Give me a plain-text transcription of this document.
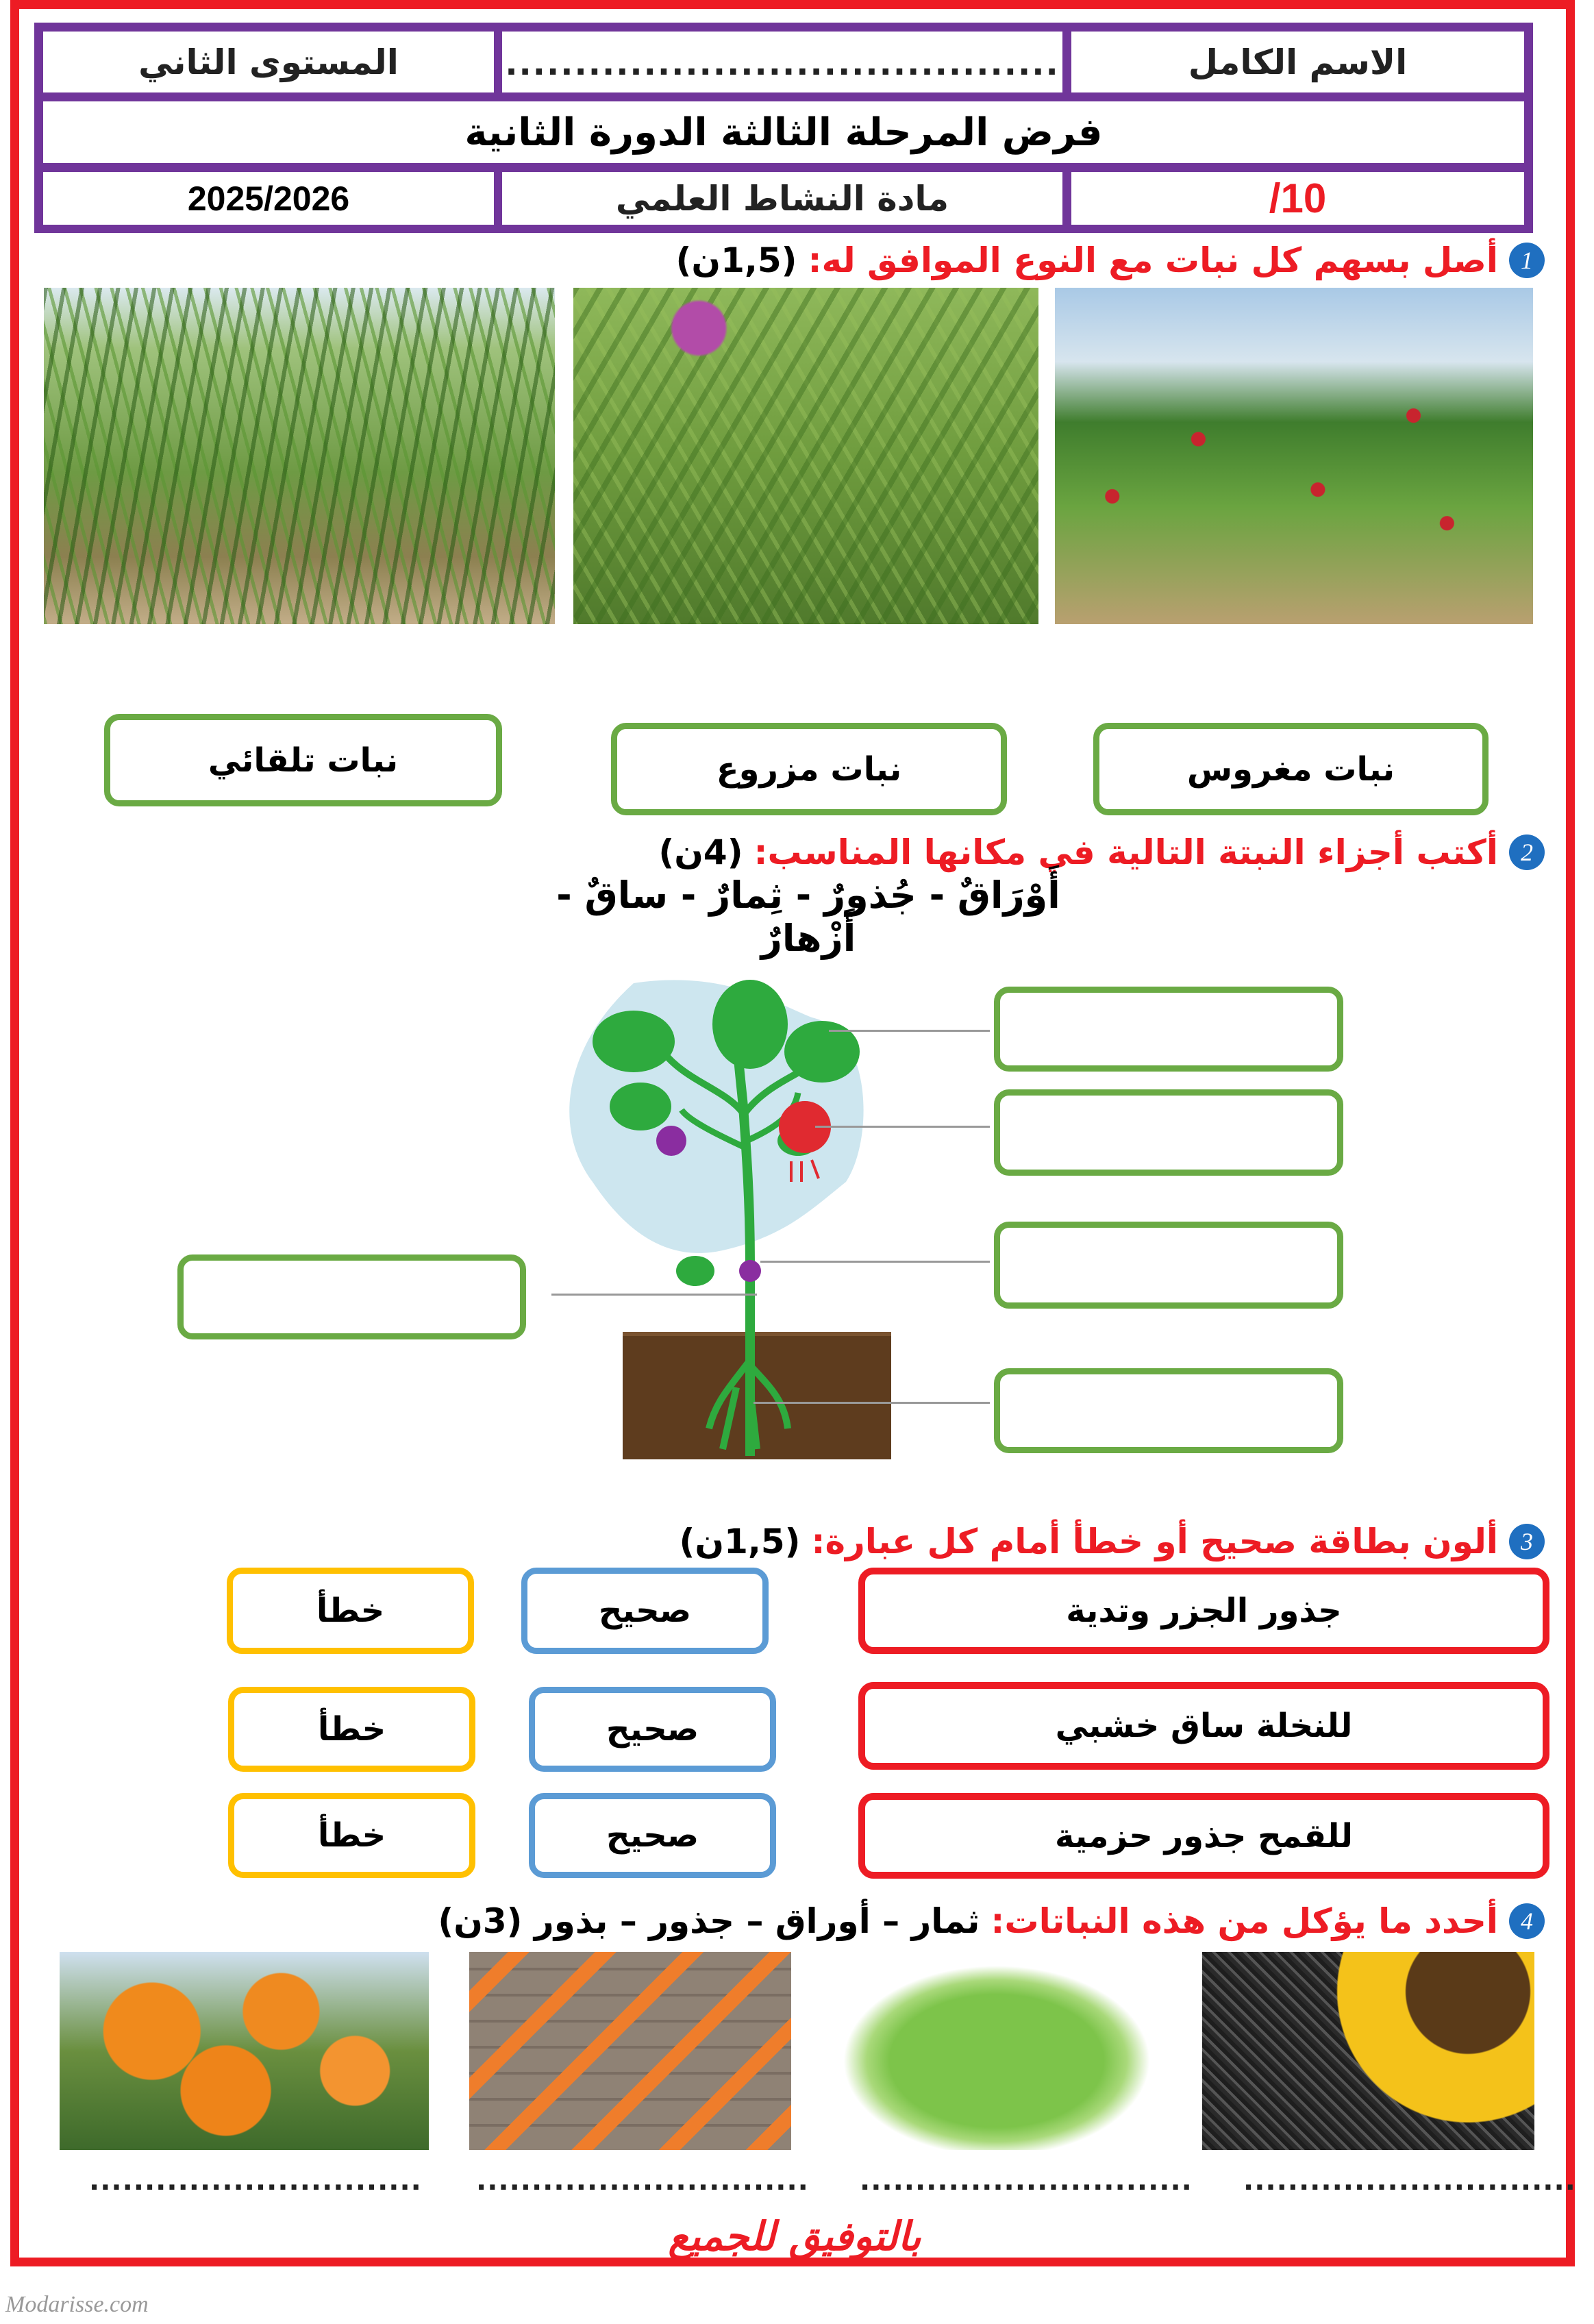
الاسم الكامل
........................................
المستوى الثاني
فرض المرحلة الثالثة الدورة الثانية
/10
مادة النشاط العلمي
2025/2026
1
أصل بسهم كل نبات مع النوع الموافق له:
(1,5ن)
نبات مغروس
نبات مزروع
نبات تلقائي
2
أكتب أجزاء النبتة التالية في مكانها المناسب:
(4ن)
أَوْرَاقٌ - جُذورٌ - ثِمارٌ - ساقٌ - أَزْهارٌ
3
ألون بطاقة صحيح أو خطأ أمام كل عبارة:
(1,5ن)
جذور الجزر وتدية
صحيح
خطأ
للنخلة ساق خشبي
صحيح
خطأ
للقمح جذور حزمية
صحيح
خطأ
4
أحدد ما يؤكل من هذه النباتات:
ثمار – أوراق – جذور – بذور (3ن)
..............................
..............................
..............................
..............................
بالتوفيق للجميع
Modarisse.com
